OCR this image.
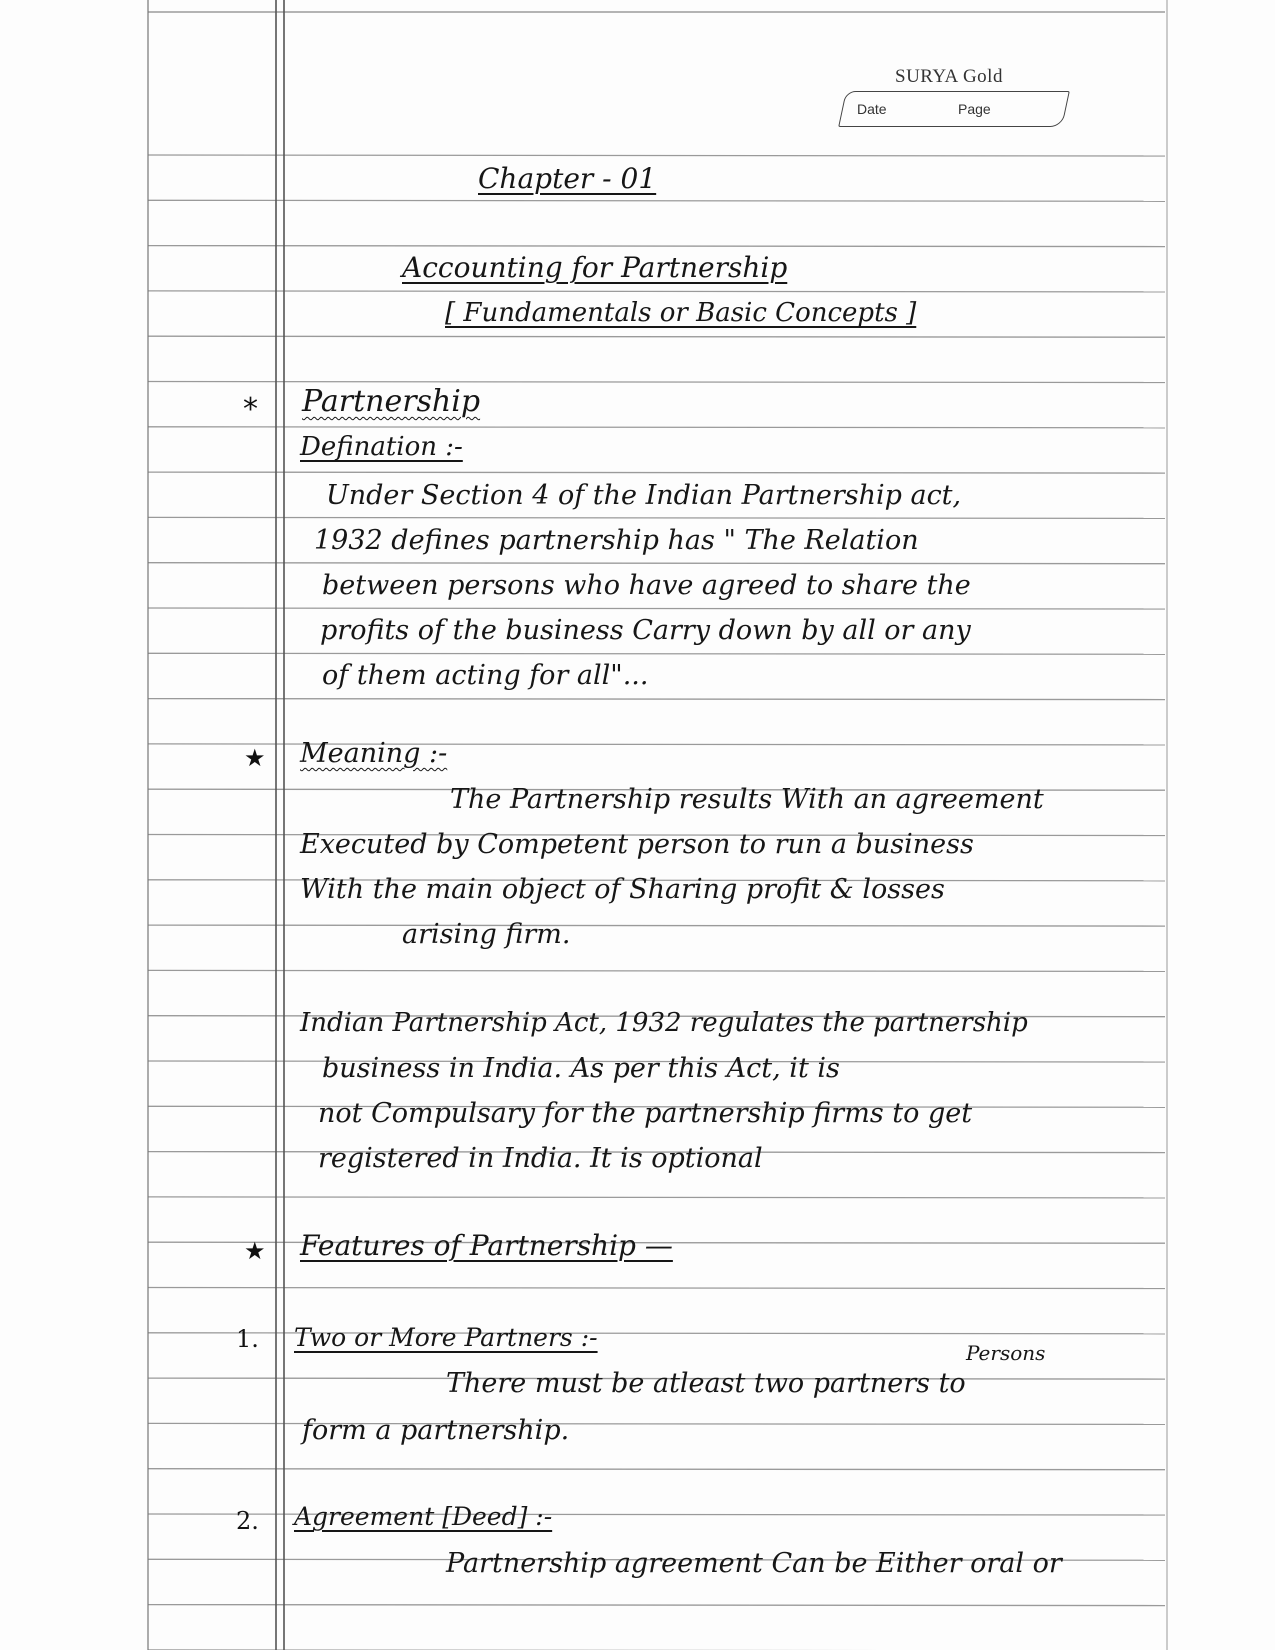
SURYA Gold
Date	Page
Chapter - 01
Accounting for Partnership
[ Fundamentals or Basic Concepts ]
* Partnership
Defination :-
Under Section 4 of the Indian Partnership act,
1932 defines partnership has " The Relation
between persons who have agreed to share the
profits of the business Carry down by all or any
of them acting for all"...
★ Meaning :-
The Partnership results With an agreement
Executed by Competent person to run a business
With the main object of Sharing profit & losses
arising firm.
Indian Partnership Act, 1932 regulates the partnership
business in India. As per this Act, it is
not Compulsary for the partnership firms to get
registered in India. It is optional
★ Features of Partnership —
1. Two or More Partners :-
Persons
There must be atleast two partners to
form a partnership.
2. Agreement [Deed] :-
Partnership agreement Can be Either oral or
